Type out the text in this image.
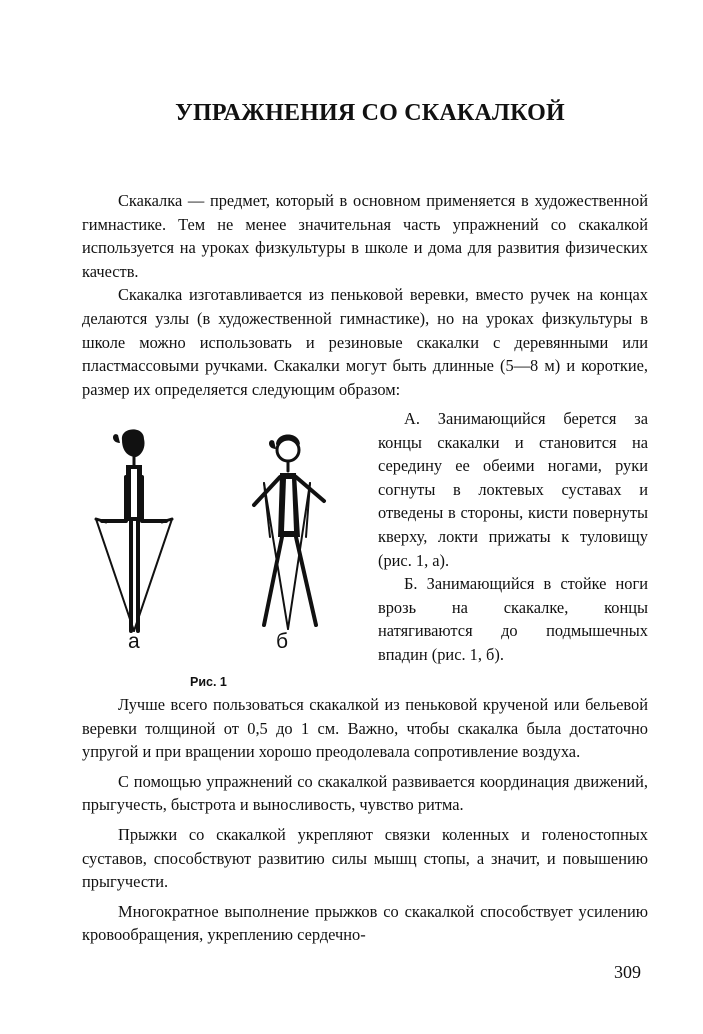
УПРАЖНЕНИЯ СО СКАКАЛКОЙ

Скакалка — предмет, который в основном применяется в художественной гимнастике. Тем не менее значительная часть упражнений со скакалкой используется на уроках физкультуры в школе и дома для развития физических качеств.

Скакалка изготавливается из пеньковой веревки, вместо ручек на концах делаются узлы (в художественной гимнастике), но на уроках физкультуры в школе можно использовать и резиновые скакалки с деревянными или пластмассовыми ручками. Скакалки могут быть длинные (5—8 м) и короткие, размер их определяется следующим образом:

а	б
Рис. 1

А. Занимающийся берется за концы скакалки и становится на середину ее обеими ногами, руки согнуты в локтевых суставах и отведены в стороны, кисти повернуты кверху, локти прижаты к туловищу (рис. 1, а).

Б. Занимающийся в стойке ноги врозь на скакалке, концы натягиваются до подмышечных впадин (рис. 1, б).

Лучше всего пользоваться скакалкой из пеньковой крученой или бельевой веревки толщиной от 0,5 до 1 см. Важно, чтобы скакалка была достаточно упругой и при вращении хорошо преодолевала сопротивление воздуха.

С помощью упражнений со скакалкой развивается координация движений, прыгучесть, быстрота и выносливость, чувство ритма.

Прыжки со скакалкой укрепляют связки коленных и голеностопных суставов, способствуют развитию силы мышц стопы, а значит, и повышению прыгучести.

Многократное выполнение прыжков со скакалкой способствует усилению кровообращения, укреплению сердечно-

309
